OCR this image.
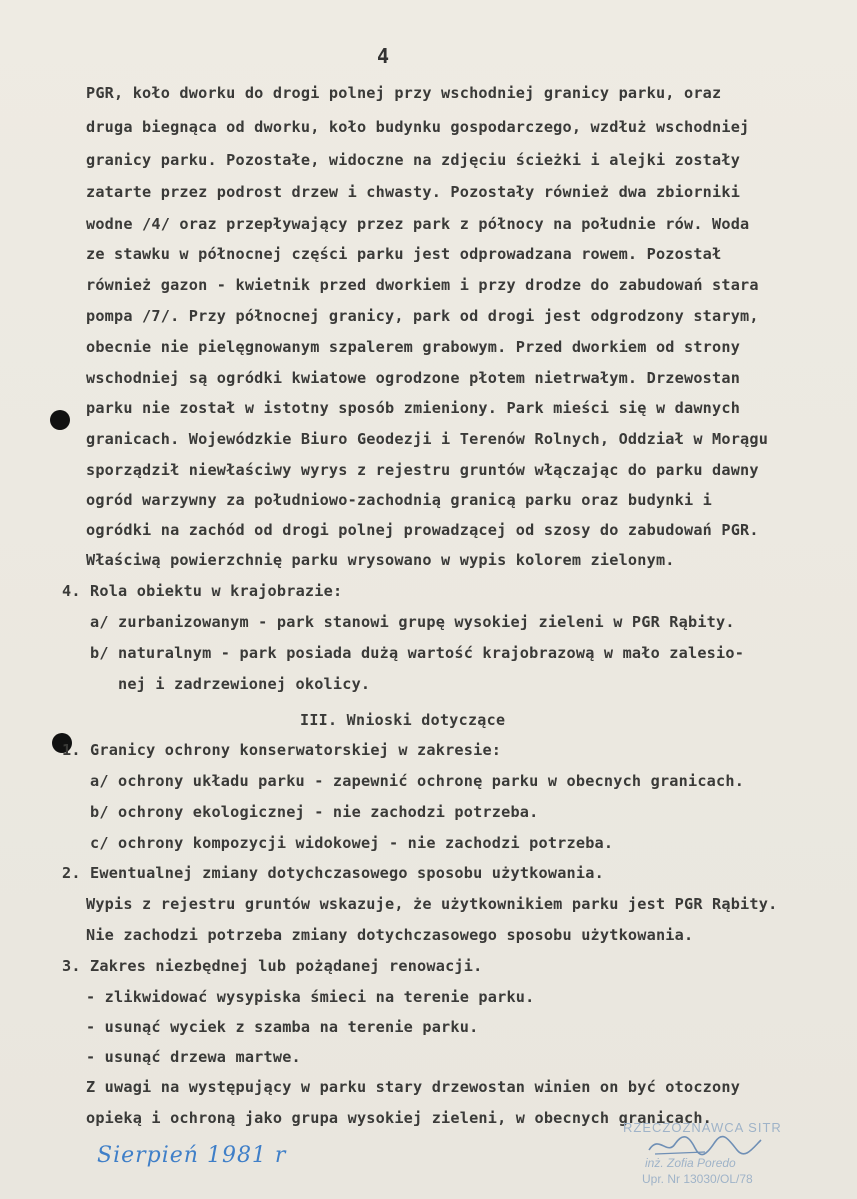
4
PGR, koło dworku do drogi polnej przy wschodniej granicy parku, oraz
druga biegnąca od dworku, koło budynku gospodarczego, wzdłuż wschodniej
granicy parku. Pozostałe, widoczne na zdjęciu ścieżki i alejki zostały
zatarte przez podrost drzew i chwasty. Pozostały również dwa zbiorniki
wodne /4/ oraz przepływający przez park z północy na południe rów. Woda
ze stawku w północnej części parku jest odprowadzana rowem. Pozostał
również gazon - kwietnik przed dworkiem i przy drodze do zabudowań stara
pompa /7/. Przy północnej granicy, park od drogi jest odgrodzony starym,
obecnie nie pielęgnowanym szpalerem grabowym. Przed dworkiem od strony
wschodniej są ogródki kwiatowe ogrodzone płotem nietrwałym. Drzewostan
parku nie został w istotny sposób zmieniony. Park mieści się w dawnych
granicach. Wojewódzkie Biuro Geodezji i Terenów Rolnych, Oddział w Morągu
sporządził niewłaściwy wyrys z rejestru gruntów włączając do parku dawny
ogród warzywny za południowo-zachodnią granicą parku oraz budynki i
ogródki na zachód od drogi polnej prowadzącej od szosy do zabudowań PGR.
Właściwą powierzchnię parku wrysowano w wypis kolorem zielonym.
4. Rola obiektu w krajobrazie:
a/ zurbanizowanym - park stanowi grupę wysokiej zieleni w PGR Rąbity.
b/ naturalnym - park posiada dużą wartość krajobrazową w mało zalesio-
nej i zadrzewionej okolicy.
III. Wnioski dotyczące
1. Granicy ochrony konserwatorskiej w zakresie:
a/ ochrony układu parku - zapewnić ochronę parku w obecnych granicach.
b/ ochrony ekologicznej - nie zachodzi potrzeba.
c/ ochrony kompozycji widokowej - nie zachodzi potrzeba.
2. Ewentualnej zmiany dotychczasowego sposobu użytkowania.
Wypis z rejestru gruntów wskazuje, że użytkownikiem parku jest PGR Rąbity.
Nie zachodzi potrzeba zmiany dotychczasowego sposobu użytkowania.
3. Zakres niezbędnej lub pożądanej renowacji.
- zlikwidować wysypiska śmieci na terenie parku.
- usunąć wyciek z szamba na terenie parku.
- usunąć drzewa martwe.
Z uwagi na występujący w parku stary drzewostan winien on być otoczony
opieką i ochroną jako grupa wysokiej zieleni, w obecnych granicach.
Sierpień 1981 r
RZECZOZNAWCA SITR
inż. Zofia Poredo
Upr. Nr 13030/OL/78
